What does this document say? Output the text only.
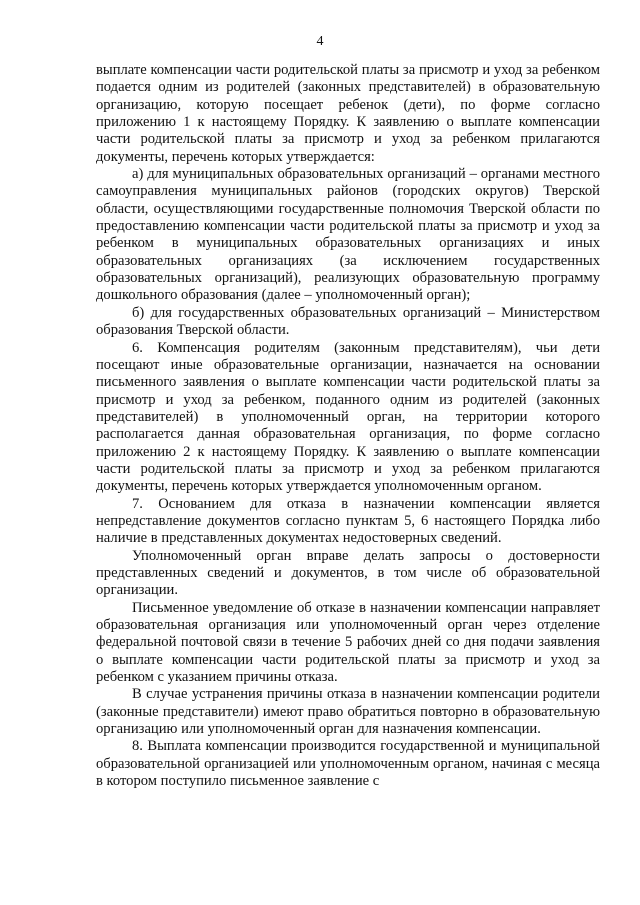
4

выплате компенсации части родительской платы за присмотр и уход за ребенком подается одним из родителей (законных представителей) в образовательную организацию, которую посещает ребенок (дети), по форме согласно приложению 1 к настоящему Порядку. К заявлению о выплате компенсации части родительской платы за присмотр и уход за ребенком прилагаются документы, перечень которых утверждается:

а) для муниципальных образовательных организаций – органами местного самоуправления муниципальных районов (городских округов) Тверской области, осуществляющими государственные полномочия Тверской области по предоставлению компенсации части родительской платы за присмотр и уход за ребенком в муниципальных образовательных организациях и иных образовательных организациях (за исключением государственных образовательных организаций), реализующих образовательную программу дошкольного образования (далее – уполномоченный орган);

б) для государственных образовательных организаций – Министерством образования Тверской области.

6. Компенсация родителям (законным представителям), чьи дети посещают иные образовательные организации, назначается на основании письменного заявления о выплате компенсации части родительской платы за присмотр и уход за ребенком, поданного одним из родителей (законных представителей) в уполномоченный орган, на территории которого располагается данная образовательная организация, по форме согласно приложению 2 к настоящему Порядку. К заявлению о выплате компенсации части родительской платы за присмотр и уход за ребенком прилагаются документы, перечень которых утверждается уполномоченным органом.

7. Основанием для отказа в назначении компенсации является непредставление документов согласно пунктам 5, 6 настоящего Порядка либо наличие в представленных документах недостоверных сведений.

Уполномоченный орган вправе делать запросы о достоверности представленных сведений и документов, в том числе об образовательной организации.

Письменное уведомление об отказе в назначении компенсации направляет образовательная организация или уполномоченный орган через отделение федеральной почтовой связи в течение 5 рабочих дней со дня подачи заявления о выплате компенсации части родительской платы за присмотр и уход за ребенком с указанием причины отказа.

В случае устранения причины отказа в назначении компенсации родители (законные представители) имеют право обратиться повторно в образовательную организацию или уполномоченный орган для назначения компенсации.

8. Выплата компенсации производится государственной и муниципальной образовательной организацией или уполномоченным органом, начиная с месяца в котором поступило письменное заявление с
